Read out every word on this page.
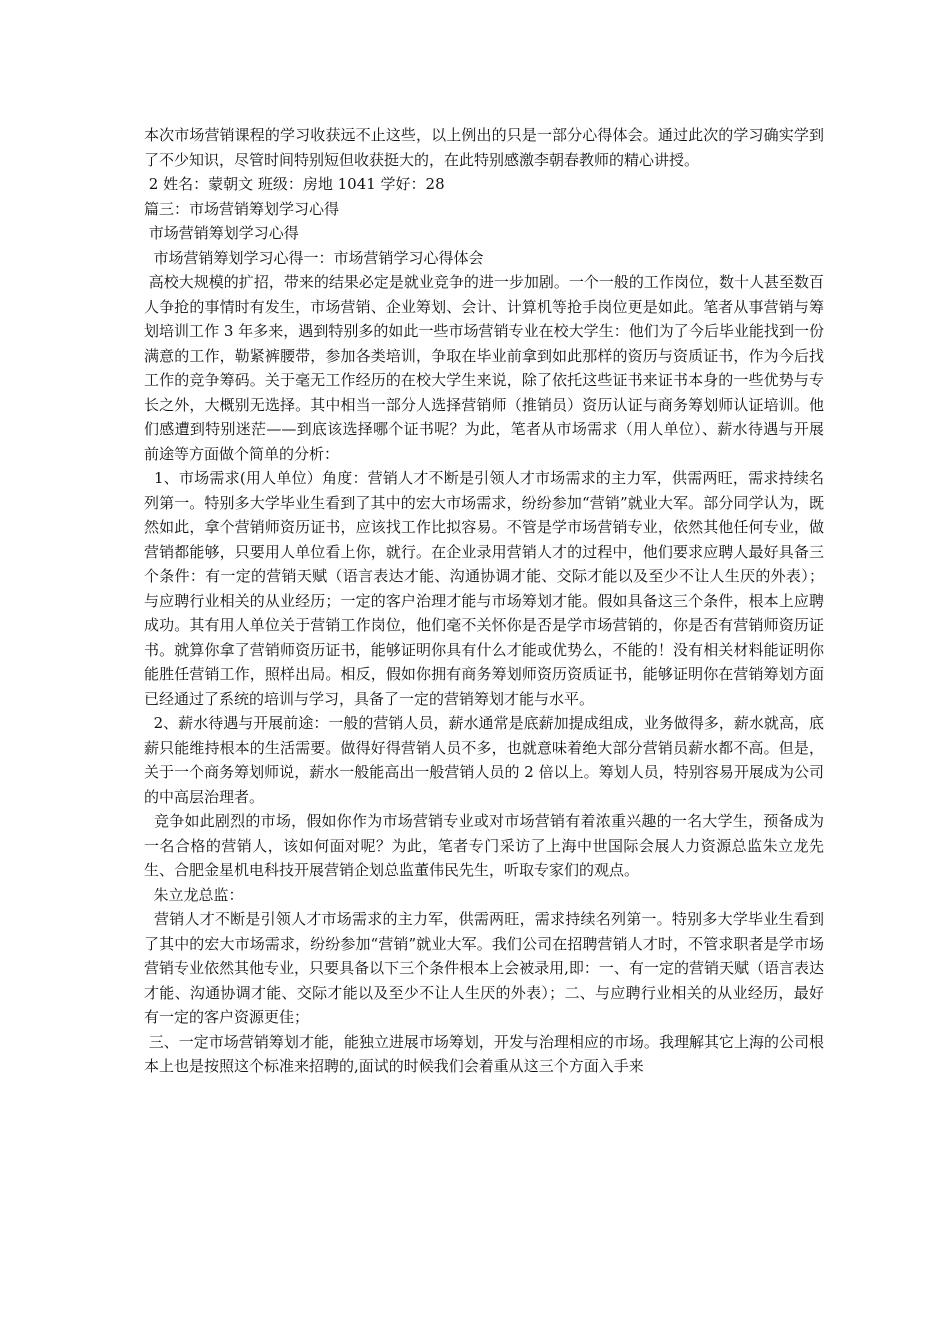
本次市场营销课程的学习收获远不止这些，以上例出的只是一部分心得体会。通过此次的学习确实学到了不少知识，尽管时间特别短但收获挺大的，在此特别感激李朝春教师的精心讲授。

2 姓名：蒙朝文 班级：房地 1041 学好：28

篇三：市场营销筹划学习心得

市场营销筹划学习心得

市场营销筹划学习心得一：市场营销学习心得体会

高校大规模的扩招，带来的结果必定是就业竞争的进一步加剧。一个一般的工作岗位，数十人甚至数百人争抢的事情时有发生，市场营销、企业筹划、会计、计算机等抢手岗位更是如此。笔者从事营销与筹划培训工作 3 年多来，遇到特别多的如此一些市场营销专业在校大学生：他们为了今后毕业能找到一份满意的工作，勒紧裤腰带，参加各类培训，争取在毕业前拿到如此那样的资历与资质证书，作为今后找工作的竞争筹码。关于毫无工作经历的在校大学生来说，除了依托这些证书来证书本身的一些优势与专长之外，大概别无选择。其中相当一部分人选择营销师（推销员）资历认证与商务筹划师认证培训。他们感遭到特别迷茫——到底该选择哪个证书呢？为此，笔者从市场需求（用人单位）、薪水待遇与开展前途等方面做个简单的分析：

1、市场需求(用人单位）角度：营销人才不断是引领人才市场需求的主力军，供需两旺，需求持续名列第一。特别多大学毕业生看到了其中的宏大市场需求，纷纷参加“营销”就业大军。部分同学认为，既然如此，拿个营销师资历证书，应该找工作比拟容易。不管是学市场营销专业，依然其他任何专业，做营销都能够，只要用人单位看上你，就行。在企业录用营销人才的过程中，他们要求应聘人最好具备三个条件：有一定的营销天赋（语言表达才能、沟通协调才能、交际才能以及至少不让人生厌的外表）；与应聘行业相关的从业经历；一定的客户治理才能与市场筹划才能。假如具备这三个条件，根本上应聘成功。其有用人单位关于营销工作岗位，他们毫不关怀你是否是学市场营销的，你是否有营销师资历证书。就算你拿了营销师资历证书，能够证明你具有什么才能或优势么，不能的！没有相关材料能证明你能胜任营销工作，照样出局。相反，假如你拥有商务筹划师资历资质证书，能够证明你在营销筹划方面已经通过了系统的培训与学习，具备了一定的营销筹划才能与水平。

2、薪水待遇与开展前途：一般的营销人员，薪水通常是底薪加提成组成，业务做得多，薪水就高，底薪只能维持根本的生活需要。做得好得营销人员不多，也就意味着绝大部分营销员薪水都不高。但是，关于一个商务筹划师说，薪水一般能高出一般营销人员的 2 倍以上。筹划人员，特别容易开展成为公司的中高层治理者。

竞争如此剧烈的市场，假如你作为市场营销专业或对市场营销有着浓重兴趣的一名大学生，预备成为一名合格的营销人，该如何面对呢？为此，笔者专门采访了上海中世国际会展人力资源总监朱立龙先生、合肥金星机电科技开展营销企划总监董伟民先生，听取专家们的观点。

朱立龙总监：

营销人才不断是引领人才市场需求的主力军，供需两旺，需求持续名列第一。特别多大学毕业生看到了其中的宏大市场需求，纷纷参加“营销”就业大军。我们公司在招聘营销人才时，不管求职者是学市场营销专业依然其他专业，只要具备以下三个条件根本上会被录用,即：一、有一定的营销天赋（语言表达才能、沟通协调才能、交际才能以及至少不让人生厌的外表）；二、与应聘行业相关的从业经历，最好有一定的客户资源更佳；

三、一定市场营销筹划才能，能独立进展市场筹划，开发与治理相应的市场。我理解其它上海的公司根本上也是按照这个标准来招聘的,面试的时候我们会着重从这三个方面入手来
